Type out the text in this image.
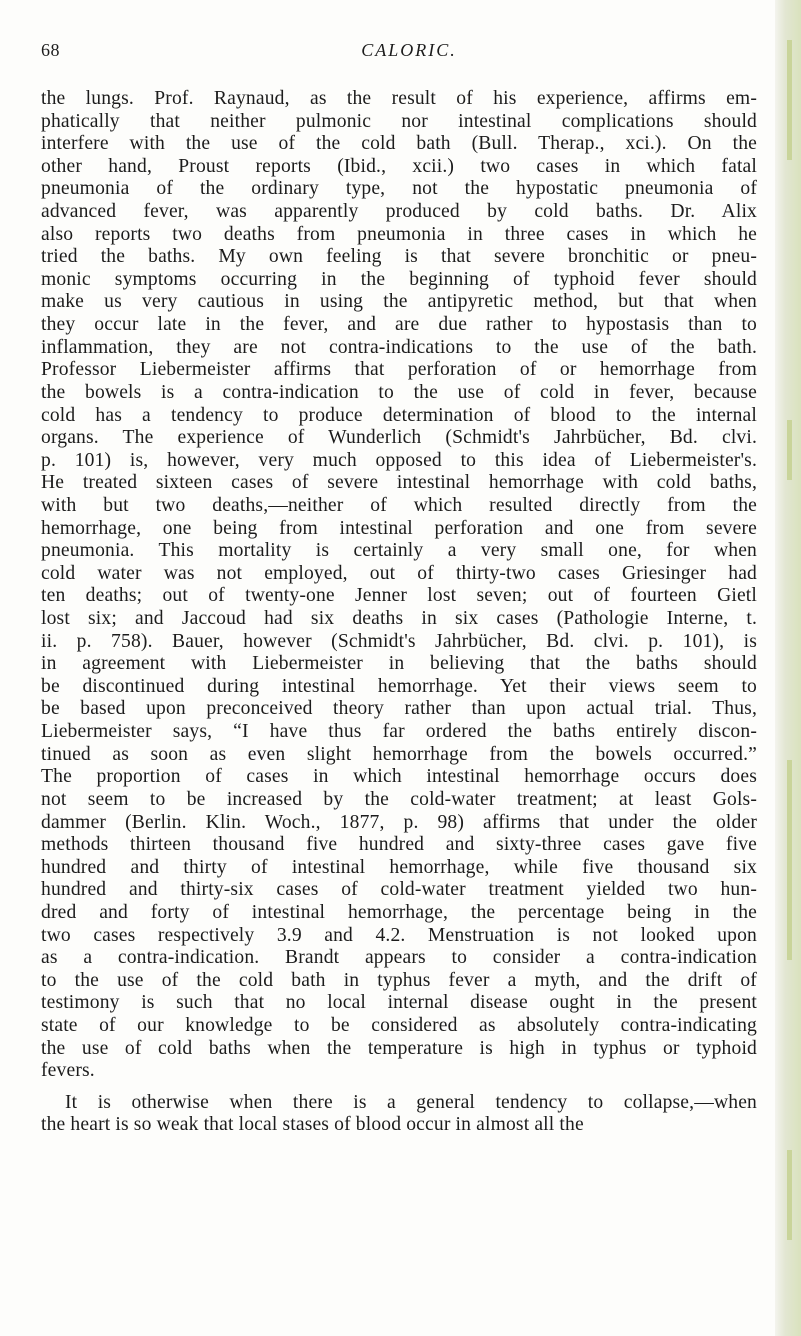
68	CALORIC.
the lungs. Prof. Raynaud, as the result of his experience, affirms em-
phatically that neither pulmonic nor intestinal complications should
interfere with the use of the cold bath (Bull. Therap., xci.). On the
other hand, Proust reports (Ibid., xcii.) two cases in which fatal
pneumonia of the ordinary type, not the hypostatic pneumonia of
advanced fever, was apparently produced by cold baths. Dr. Alix
also reports two deaths from pneumonia in three cases in which he
tried the baths. My own feeling is that severe bronchitic or pneu-
monic symptoms occurring in the beginning of typhoid fever should
make us very cautious in using the antipyretic method, but that when
they occur late in the fever, and are due rather to hypostasis than to
inflammation, they are not contra-indications to the use of the bath.
Professor Liebermeister affirms that perforation of or hemorrhage from
the bowels is a contra-indication to the use of cold in fever, because
cold has a tendency to produce determination of blood to the internal
organs. The experience of Wunderlich (Schmidt's Jahrbücher, Bd. clvi.
p. 101) is, however, very much opposed to this idea of Liebermeister's.
He treated sixteen cases of severe intestinal hemorrhage with cold baths,
with but two deaths,—neither of which resulted directly from the
hemorrhage, one being from intestinal perforation and one from severe
pneumonia. This mortality is certainly a very small one, for when
cold water was not employed, out of thirty-two cases Griesinger had
ten deaths; out of twenty-one Jenner lost seven; out of fourteen Gietl
lost six; and Jaccoud had six deaths in six cases (Pathologie Interne, t.
ii. p. 758). Bauer, however (Schmidt's Jahrbücher, Bd. clvi. p. 101), is
in agreement with Liebermeister in believing that the baths should
be discontinued during intestinal hemorrhage. Yet their views seem to
be based upon preconceived theory rather than upon actual trial. Thus,
Liebermeister says, “I have thus far ordered the baths entirely discon-
tinued as soon as even slight hemorrhage from the bowels occurred.”
The proportion of cases in which intestinal hemorrhage occurs does
not seem to be increased by the cold-water treatment; at least Gols-
dammer (Berlin. Klin. Woch., 1877, p. 98) affirms that under the older
methods thirteen thousand five hundred and sixty-three cases gave five
hundred and thirty of intestinal hemorrhage, while five thousand six
hundred and thirty-six cases of cold-water treatment yielded two hun-
dred and forty of intestinal hemorrhage, the percentage being in the
two cases respectively 3.9 and 4.2. Menstruation is not looked upon
as a contra-indication. Brandt appears to consider a contra-indication
to the use of the cold bath in typhus fever a myth, and the drift of
testimony is such that no local internal disease ought in the present
state of our knowledge to be considered as absolutely contra-indicating
the use of cold baths when the temperature is high in typhus or typhoid
fevers.
It is otherwise when there is a general tendency to collapse,—when
the heart is so weak that local stases of blood occur in almost all the
